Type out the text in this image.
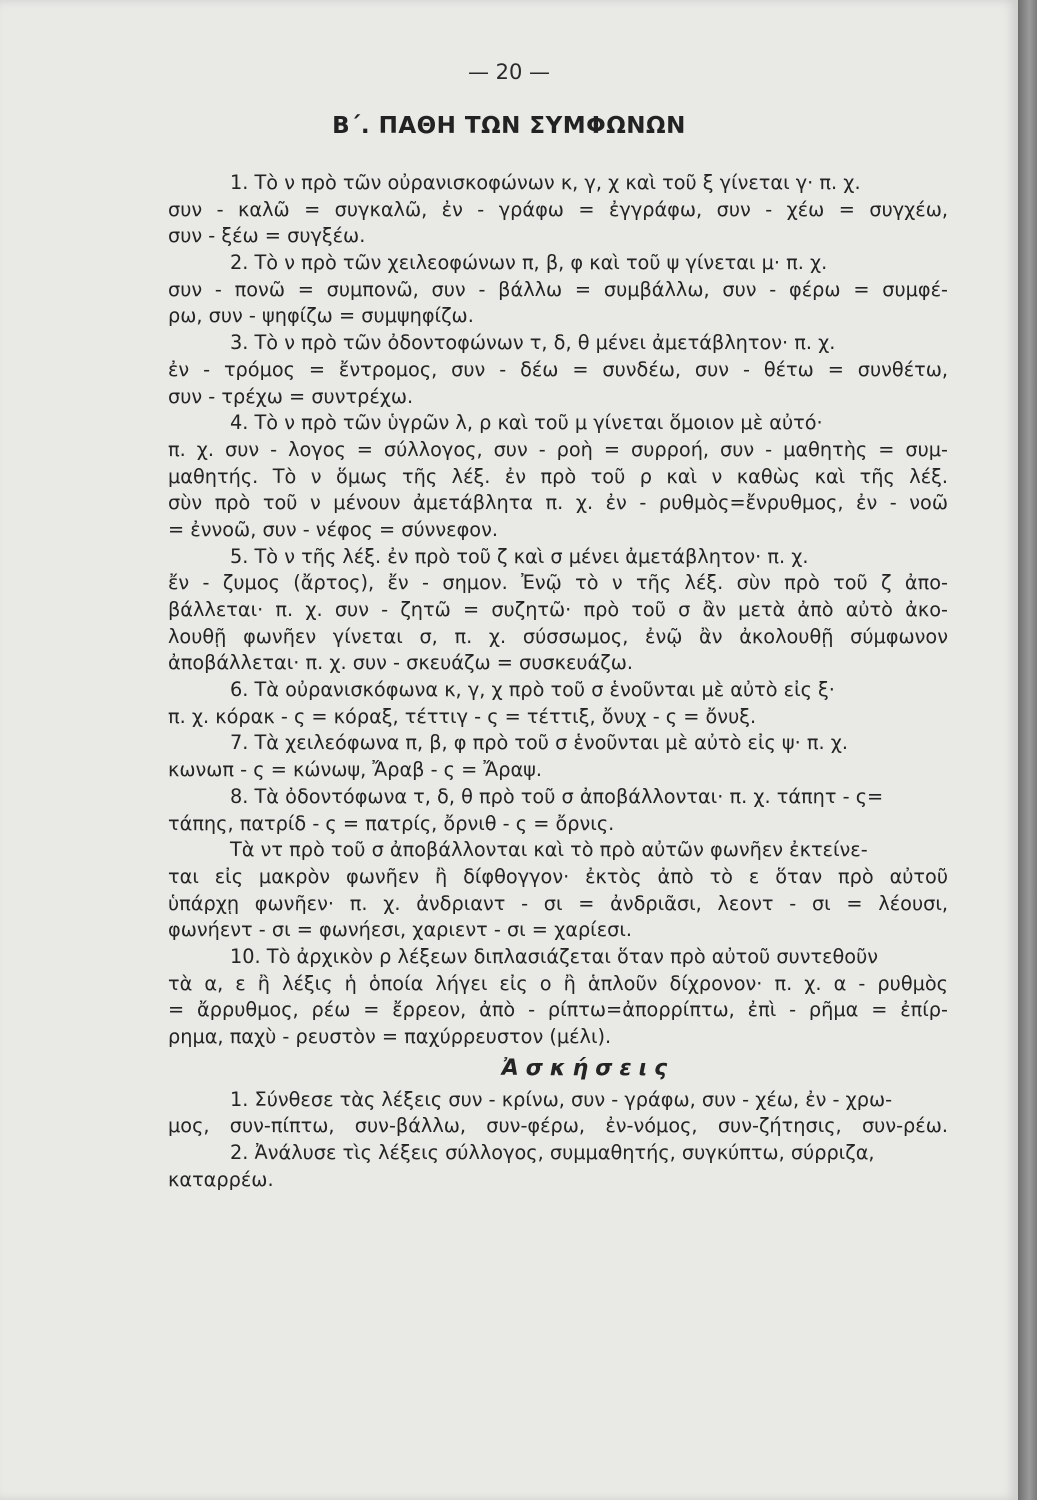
— 20 —
Β΄. ΠΑΘΗ ΤΩΝ ΣΥΜΦΩΝΩΝ
1. Τὸ ν πρὸ τῶν οὐρανισκοφώνων κ, γ, χ καὶ τοῦ ξ γίνεται γ· π. χ.
συν - καλῶ = συγκαλῶ, ἐν - γράφω = ἐγγράφω, συν - χέω = συγχέω,
συν - ξέω = συγξέω.
2. Τὸ ν πρὸ τῶν χειλεοφώνων π, β, φ καὶ τοῦ ψ γίνεται μ· π. χ.
συν - πονῶ = συμπονῶ, συν - βάλλω = συμβάλλω, συν - φέρω = συμφέ-
ρω, συν - ψηφίζω = συμψηφίζω.
3. Τὸ ν πρὸ τῶν ὀδοντοφώνων τ, δ, θ μένει ἀμετάβλητον· π. χ.
ἐν - τρόμος = ἔντρομος, συν - δέω = συνδέω, συν - θέτω = συνθέτω,
συν - τρέχω = συντρέχω.
4. Τὸ ν πρὸ τῶν ὑγρῶν λ, ρ καὶ τοῦ μ γίνεται ὅμοιον μὲ αὐτό·
π. χ. συν - λογος = σύλλογος, συν - ροὴ = συρροή, συν - μαθητὴς = συμ-
μαθητής. Τὸ ν ὅμως τῆς λέξ. ἐν πρὸ τοῦ ρ καὶ ν καθὼς καὶ τῆς λέξ.
σὺν πρὸ τοῦ ν μένουν ἀμετάβλητα π. χ. ἐν - ρυθμὸς=ἔνρυθμος, ἐν - νοῶ
= ἐννοῶ, συν - νέφος = σύννεφον.
5. Τὸ ν τῆς λέξ. ἐν πρὸ τοῦ ζ καὶ σ μένει ἀμετάβλητον· π. χ.
ἔν - ζυμος (ἄρτος), ἔν - σημον. Ἐνῷ τὸ ν τῆς λέξ. σὺν πρὸ τοῦ ζ ἀπο-
βάλλεται· π. χ. συν - ζητῶ = συζητῶ· πρὸ τοῦ σ ἂν μετὰ ἀπὸ αὐτὸ ἀκο-
λουθῇ φωνῆεν γίνεται σ, π. χ. σύσσωμος, ἐνῷ ἂν ἀκολουθῇ σύμφωνον
ἀποβάλλεται· π. χ. συν - σκευάζω = συσκευάζω.
6. Τὰ οὐρανισκόφωνα κ, γ, χ πρὸ τοῦ σ ἑνοῦνται μὲ αὐτὸ εἰς ξ·
π. χ. κόρακ - ς = κόραξ, τέττιγ - ς = τέττιξ, ὄνυχ - ς = ὄνυξ.
7. Τὰ χειλεόφωνα π, β, φ πρὸ τοῦ σ ἑνοῦνται μὲ αὐτὸ εἰς ψ· π. χ.
κωνωπ - ς = κώνωψ, Ἄραβ - ς = Ἄραψ.
8. Τὰ ὀδοντόφωνα τ, δ, θ πρὸ τοῦ σ ἀποβάλλονται· π. χ. τάπητ - ς=
τάπης, πατρίδ - ς = πατρίς, ὄρνιθ - ς = ὄρνις.
Τὰ ντ πρὸ τοῦ σ ἀποβάλλονται καὶ τὸ πρὸ αὐτῶν φωνῆεν ἐκτείνε-
ται εἰς μακρὸν φωνῆεν ἢ δίφθογγον· ἐκτὸς ἀπὸ τὸ ε ὅταν πρὸ αὐτοῦ
ὑπάρχῃ φωνῆεν· π. χ. ἀνδριαντ - σι = ἀνδριᾶσι, λεοντ - σι = λέουσι,
φωνήεντ - σι = φωνήεσι, χαριεντ - σι = χαρίεσι.
10. Τὸ ἀρχικὸν ρ λέξεων διπλασιάζεται ὅταν πρὸ αὐτοῦ συντεθοῦν
τὰ α, ε ἢ λέξις ἡ ὁποία λήγει εἰς ο ἢ ἁπλοῦν δίχρονον· π. χ. α - ρυθμὸς
= ἄρρυθμος, ρέω = ἔρρεον, ἀπὸ - ρίπτω=ἀπορρίπτω, ἐπὶ - ρῆμα = ἐπίρ-
ρημα, παχὺ - ρευστὸν = παχύρρευστον (μέλι).
Ἀσκήσεις
1. Σύνθεσε τὰς λέξεις συν - κρίνω, συν - γράφω, συν - χέω, ἐν - χρω-
μος, συν-πίπτω, συν-βάλλω, συν-φέρω, ἐν-νόμος, συν-ζήτησις, συν-ρέω.
2. Ἀνάλυσε τὶς λέξεις σύλλογος, συμμαθητής, συγκύπτω, σύρριζα,
καταρρέω.
